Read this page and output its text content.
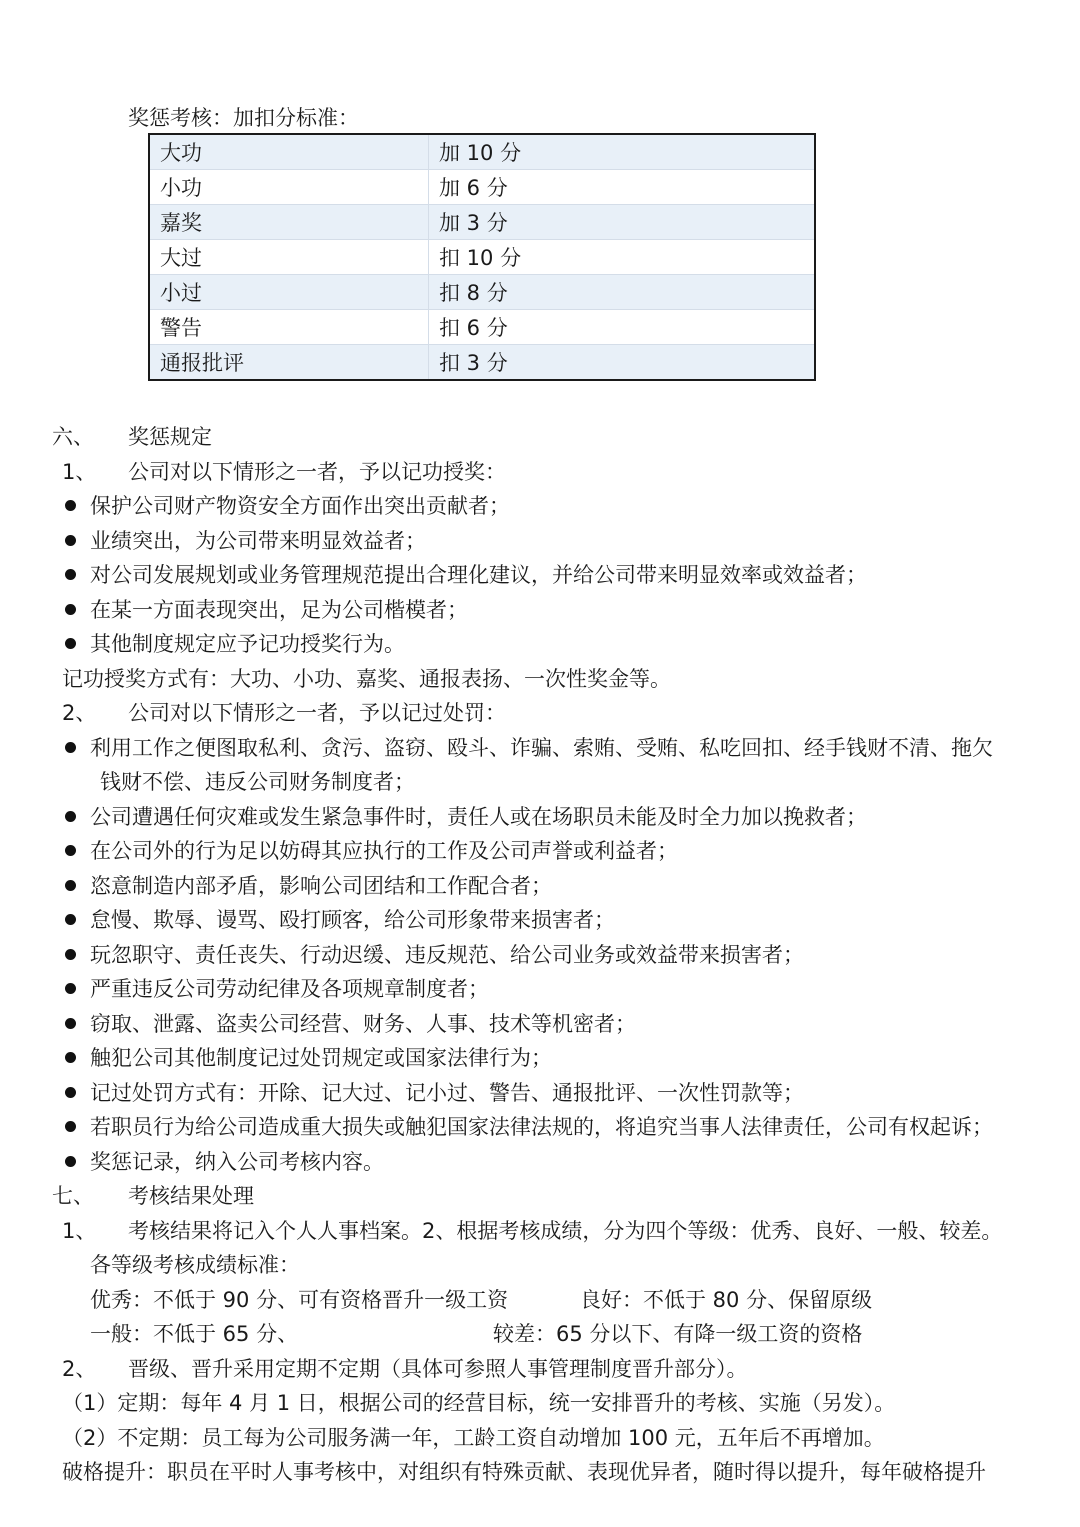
奖惩考核：加扣分标准：
大功	加 10 分
小功	加 6 分
嘉奖	加 3 分
大过	扣 10 分
小过	扣 8 分
警告	扣 6 分
通报批评	扣 3 分
六、 奖惩规定
1、 公司对以下情形之一者，予以记功授奖：
保护公司财产物资安全方面作出突出贡献者；
业绩突出，为公司带来明显效益者；
对公司发展规划或业务管理规范提出合理化建议，并给公司带来明显效率或效益者；
在某一方面表现突出，足为公司楷模者；
其他制度规定应予记功授奖行为。
记功授奖方式有：大功、小功、嘉奖、通报表扬、一次性奖金等。
2、 公司对以下情形之一者，予以记过处罚：
利用工作之便图取私利、贪污、盗窃、殴斗、诈骗、索贿、受贿、私吃回扣、经手钱财不清、拖欠
钱财不偿、违反公司财务制度者；
公司遭遇任何灾难或发生紧急事件时，责任人或在场职员未能及时全力加以挽救者；
在公司外的行为足以妨碍其应执行的工作及公司声誉或利益者；
恣意制造内部矛盾，影响公司团结和工作配合者；
怠慢、欺辱、谩骂、殴打顾客，给公司形象带来损害者；
玩忽职守、责任丧失、行动迟缓、违反规范、给公司业务或效益带来损害者；
严重违反公司劳动纪律及各项规章制度者；
窃取、泄露、盗卖公司经营、财务、人事、技术等机密者；
触犯公司其他制度记过处罚规定或国家法律行为；
记过处罚方式有：开除、记大过、记小过、警告、通报批评、一次性罚款等；
若职员行为给公司造成重大损失或触犯国家法律法规的，将追究当事人法律责任，公司有权起诉；
奖惩记录，纳入公司考核内容。
七、 考核结果处理
1、 考核结果将记入个人人事档案。2、根据考核成绩，分为四个等级：优秀、良好、一般、较差。
各等级考核成绩标准：
优秀：不低于 90 分、可有资格晋升一级工资	良好：不低于 80 分、保留原级
一般：不低于 65 分、	较差：65 分以下、有降一级工资的资格
2、 晋级、晋升采用定期不定期（具体可参照人事管理制度晋升部分）。
（1）定期：每年 4 月 1 日，根据公司的经营目标，统一安排晋升的考核、实施（另发）。
（2）不定期：员工每为公司服务满一年，工龄工资自动增加 100 元，五年后不再增加。
破格提升：职员在平时人事考核中，对组织有特殊贡献、表现优异者，随时得以提升，每年破格提升
